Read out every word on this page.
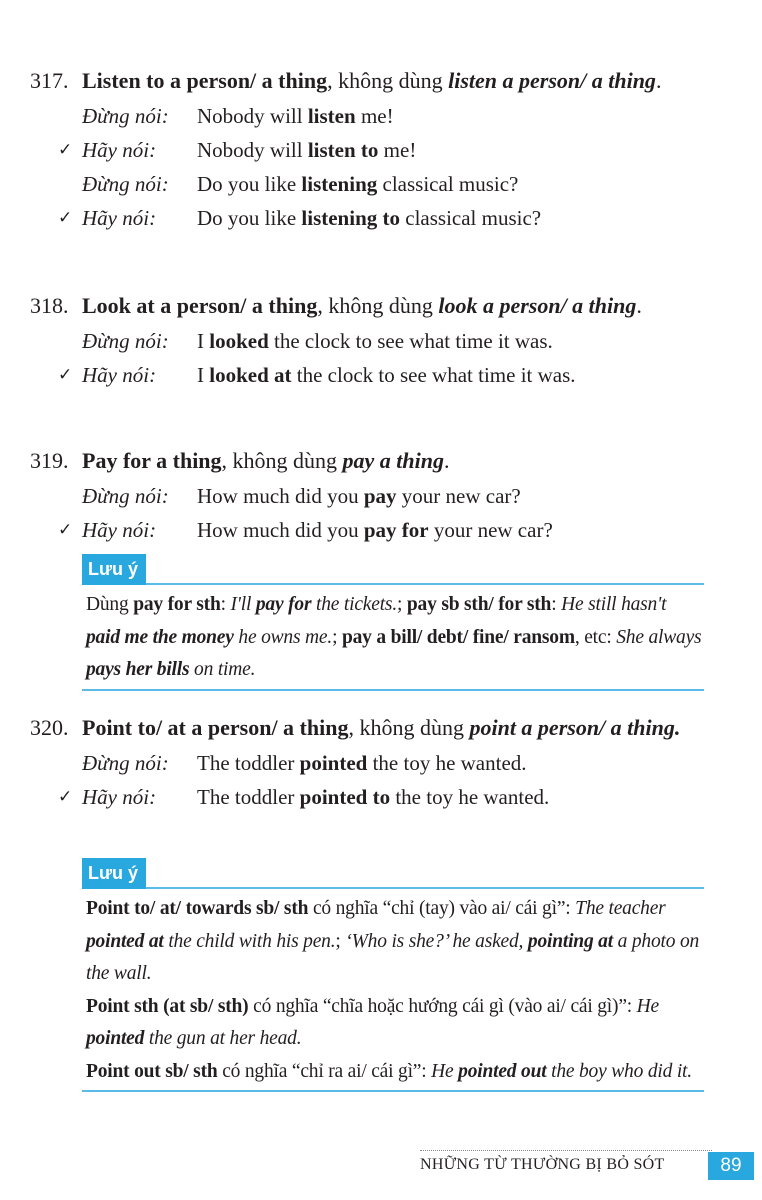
317. Listen to a person/ a thing, không dùng listen a person/ a thing.
Đừng nói: Nobody will listen me!
✓ Hãy nói: Nobody will listen to me!
Đừng nói: Do you like listening classical music?
✓ Hãy nói: Do you like listening to classical music?
318. Look at a person/ a thing, không dùng look a person/ a thing.
Đừng nói: I looked the clock to see what time it was.
✓ Hãy nói: I looked at the clock to see what time it was.
319. Pay for a thing, không dùng pay a thing.
Đừng nói: How much did you pay your new car?
✓ Hãy nói: How much did you pay for your new car?
Lưu ý
Dùng pay for sth: I'll pay for the tickets.; pay sb sth/ for sth: He still hasn't paid me the money he owns me.; pay a bill/ debt/ fine/ ransom, etc: She always pays her bills on time.
320. Point to/ at a person/ a thing, không dùng point a person/ a thing.
Đừng nói: The toddler pointed the toy he wanted.
✓ Hãy nói: The toddler pointed to the toy he wanted.
Lưu ý
Point to/ at/ towards sb/ sth có nghĩa “chỉ (tay) vào ai/ cái gì”: The teacher pointed at the child with his pen.; ‘Who is she?’ he asked, pointing at a photo on the wall.
Point sth (at sb/ sth) có nghĩa “chĩa hoặc hướng cái gì (vào ai/ cái gì)”: He pointed the gun at her head.
Point out sb/ sth có nghĩa “chỉ ra ai/ cái gì”: He pointed out the boy who did it.
NHỮNG TỪ THƯỜNG BỊ BỎ SÓT	89
